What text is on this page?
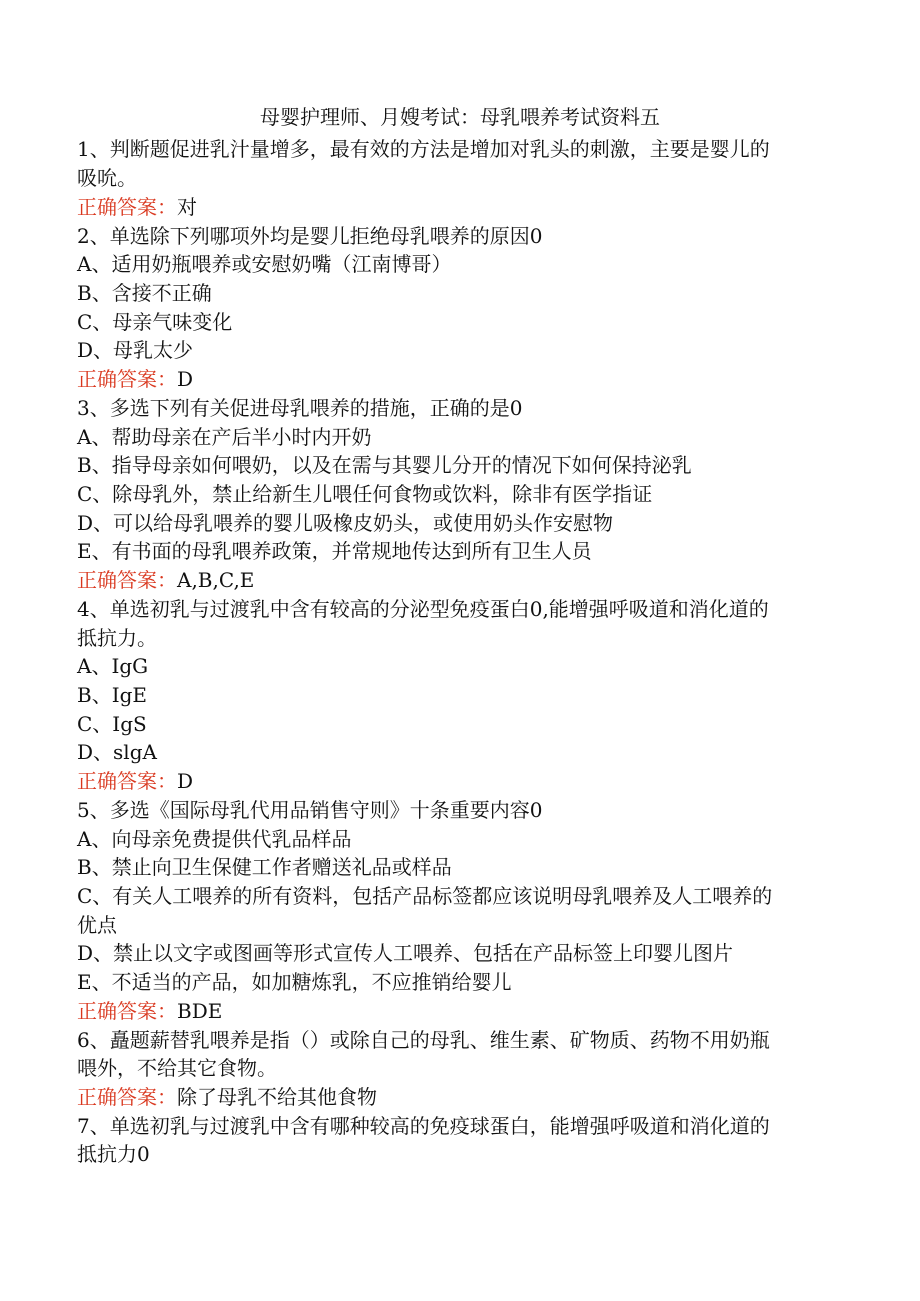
母婴护理师、月嫂考试：母乳喂养考试资料五
1、判断题促进乳汁量增多，最有效的方法是增加对乳头的刺激，主要是婴儿的
吸吮。
正确答案：对
2、单选除下列哪项外均是婴儿拒绝母乳喂养的原因0
A、适用奶瓶喂养或安慰奶嘴（江南博哥）
B、含接不正确
C、母亲气味变化
D、母乳太少
正确答案：D
3、多选下列有关促进母乳喂养的措施，正确的是0
A、帮助母亲在产后半小时内开奶
B、指导母亲如何喂奶，以及在需与其婴儿分开的情况下如何保持泌乳
C、除母乳外，禁止给新生儿喂任何食物或饮料，除非有医学指证
D、可以给母乳喂养的婴儿吸橡皮奶头，或使用奶头作安慰物
E、有书面的母乳喂养政策，并常规地传达到所有卫生人员
正确答案：A,B,C,E
4、单选初乳与过渡乳中含有较高的分泌型免疫蛋白0,能增强呼吸道和消化道的
抵抗力。
A、IgG
B、IgE
C、IgS
D、slgA
正确答案：D
5、多选《国际母乳代用品销售守则》十条重要内容0
A、向母亲免费提供代乳品样品
B、禁止向卫生保健工作者赠送礼品或样品
C、有关人工喂养的所有资料，包括产品标签都应该说明母乳喂养及人工喂养的
优点
D、禁止以文字或图画等形式宣传人工喂养、包括在产品标签上印婴儿图片
E、不适当的产品，如加糖炼乳，不应推销给婴儿
正确答案：BDE
6、矗题薪替乳喂养是指（）或除自己的母乳、维生素、矿物质、药物不用奶瓶
喂外，不给其它食物。
正确答案：除了母乳不给其他食物
7、单选初乳与过渡乳中含有哪种较高的免疫球蛋白，能增强呼吸道和消化道的
抵抗力0
